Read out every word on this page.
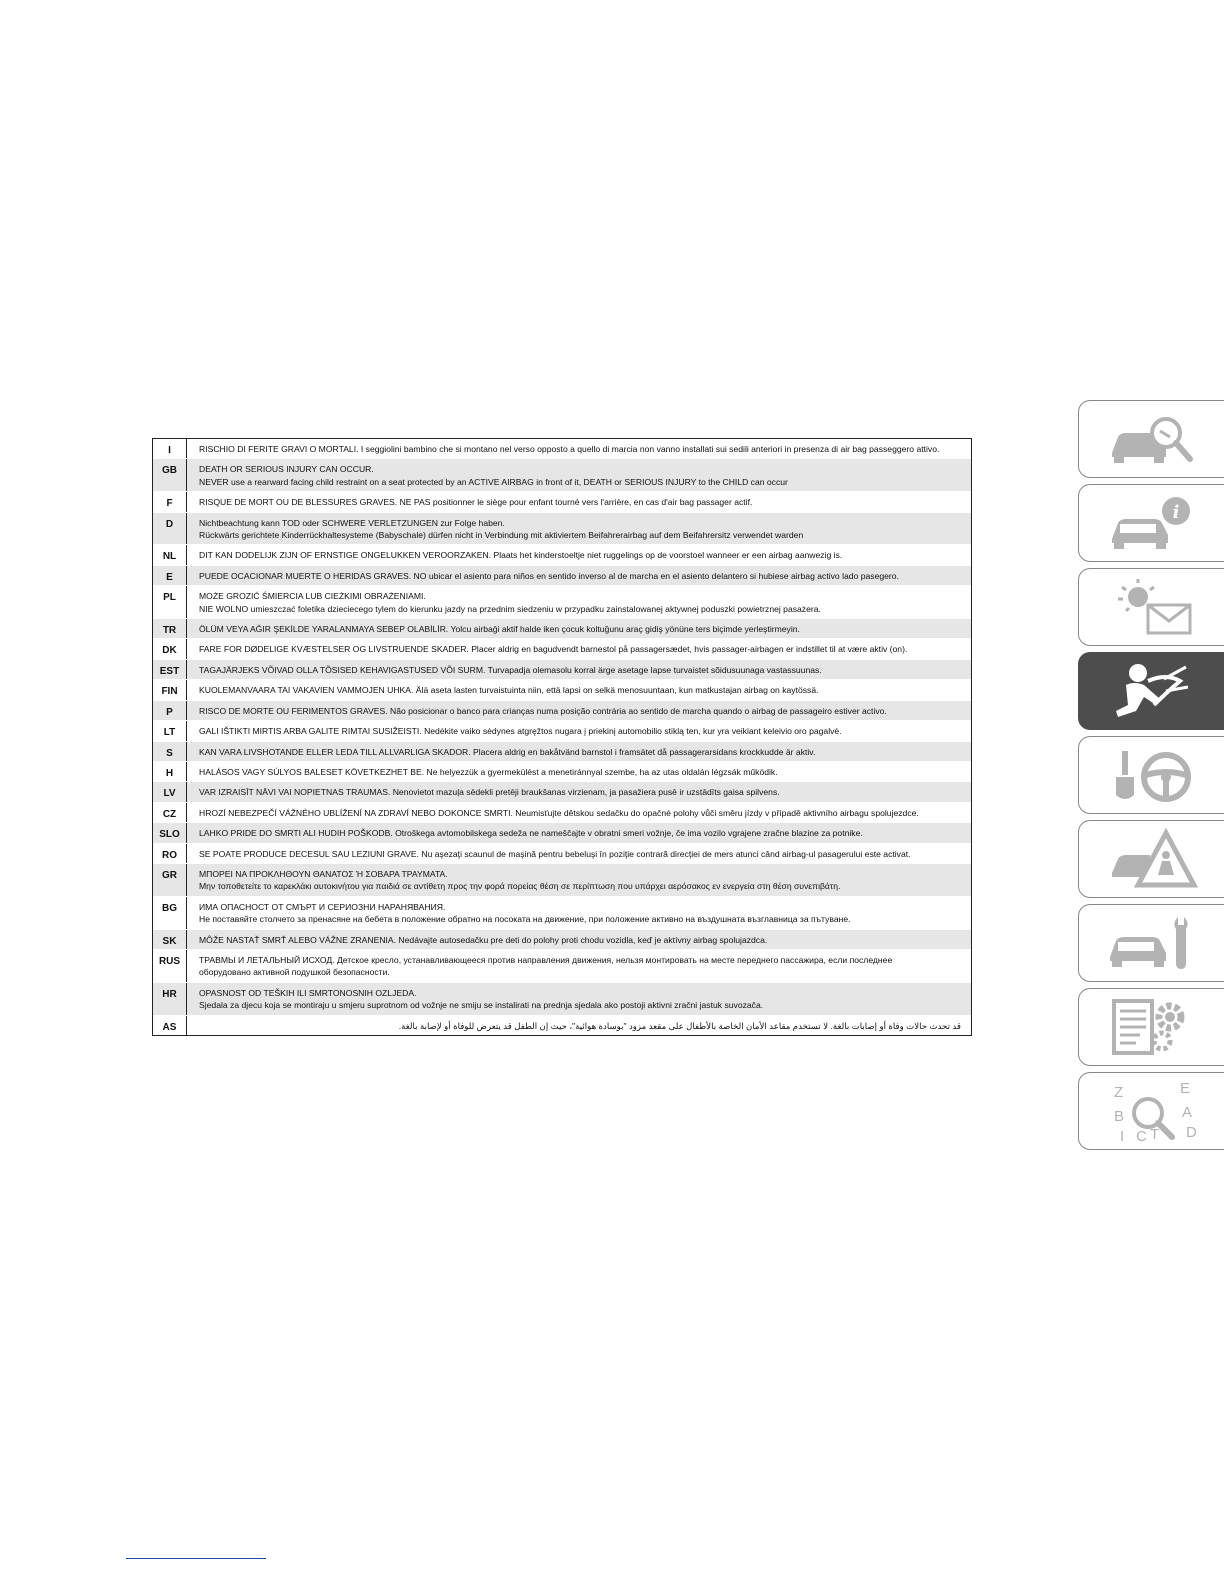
I	RISCHIO DI FERITE GRAVI O MORTALI. I seggiolini bambino che si montano nel verso opposto a quello di marcia non vanno installati sui sedili anteriori in presenza di air bag passeggero attivo.
GB	DEATH OR SERIOUS INJURY CAN OCCUR.
NEVER use a rearward facing child restraint on a seat protected by an ACTIVE AIRBAG in front of it, DEATH or SERIOUS INJURY to the CHILD can occur
F	RISQUE DE MORT OU DE BLESSURES GRAVES. NE PAS positionner le siège pour enfant tourné vers l'arrière, en cas d'air bag passager actif.
D	Nichtbeachtung kann TOD oder SCHWERE VERLETZUNGEN zur Folge haben.
Rückwärts gerichtete Kinderrückhaltesysteme (Babyschale) dürfen nicht in Verbindung mit aktiviertem Beifahrerairbag auf dem Beifahrersitz verwendet warden
NL	DIT KAN DODELIJK ZIJN OF ERNSTIGE ONGELUKKEN VEROORZAKEN. Plaats het kinderstoeltje niet ruggelings op de voorstoel wanneer er een airbag aanwezig is.
E	PUEDE OCACIONAR MUERTE O HERIDAS GRAVES. NO ubicar el asiento para niños en sentido inverso al de marcha en el asiento delantero si hubiese airbag activo lado pasegero.
PL	MOŻE GROZIĆ ŚMIERCIA LUB CIEŻKIMI OBRAŻENIAMI.
NIE WOLNO umieszczać foletika dzieciecego tylem do kierunku jazdy na przednim siedzeniu w przypadku zainstalowanej aktywnej poduszki powietrznej pasażera.
TR	ÖLÜM VEYA AĞIR ŞEKİLDE YARALANMAYA SEBEP OLABİLİR. Yolcu airbaği aktif halde iken çocuk koltuğunu araç gidiş yönüne ters biçimde yerleştirmeyin.
DK	FARE FOR DØDELIGE KVÆSTELSER OG LIVSTRUENDE SKADER. Placer aldrig en bagudvendt barnestol på passagersædet, hvis passager-airbagen er indstillet til at være aktiv (on).
EST	TAGAJÄRJEKS VÕIVAD OLLA TÕSISED KEHAVIGASTUSED VÕI SURM. Turvapadja olemasolu korral ärge asetage lapse turvaistet sõidusuunaga vastassuunas.
FIN	KUOLEMANVAARA TAI VAKAVIEN VAMMOJEN UHKA. Älä aseta lasten turvaistuinta niin, että lapsi on selkä menosuuntaan, kun matkustajan airbag on kaytössä.
P	RISCO DE MORTE OU FERIMENTOS GRAVES. Não posicionar o banco para crianças numa posição contrária ao sentido de marcha quando o airbag de passageiro estiver activo.
LT	GALI IŠTIKTI MIRTIS ARBA GALITE RIMTAI SUSIŽEISTI. Nedėkite vaiko sėdynes atgręžtos nugara į priekinį automobilio stiklą ten, kur yra veikiant keleivio oro pagalvė.
S	KAN VARA LIVSHOTANDE ELLER LEDA TILL ALLVARLIGA SKADOR. Placera aldrig en bakåtvänd barnstol i framsätet då passagerarsidans krockkudde är aktiv.
H	HALÁSOS VAGY SÚLYOS BALESET KÖVETKEZHET BE. Ne helyezzük a gyermekülést a menetiránnyal szembe, ha az utas oldalán légzsák működik.
LV	VAR IZRAISĪT NĀVI VAI NOPIETNAS TRAUMAS. Nenovietot mazuļa sēdekli pretēji braukšanas virzienam, ja pasažiera pusē ir uzstādīts gaisa spilvens.
CZ	HROZÍ NEBEZPEČÍ VÁŽNÉHO UBLÍŽENÍ NA ZDRAVÍ NEBO DOKONCE SMRTI. Neumisťujte dětskou sedačku do opačné polohy vůči směru jízdy v případě aktivního airbagu spolujezdce.
SLO	LAHKO PRIDE DO SMRTI ALI HUDIH POŠKODB. Otroškega avtomobilskega sedeža ne nameščajte v obratni smeri vožnje, če ima vozilo vgrajene zračne blazine za potnike.
RO	SE POATE PRODUCE DECESUL SAU LEZIUNI GRAVE. Nu aşezaţi scaunul de maşină pentru bebeluşi în poziţie contrară direcţiei de mers atunci când airbag-ul pasagerului este activat.
GR	ΜΠΟΡΕΙ ΝΑ ΠΡΟΚΛΗΘΟΥΝ ΘΑΝΑΤΟΣ Ή ΣΟΒΑΡΑ ΤΡΑΥΜΑΤΑ.
Μην τοποθετείτε το καρεκλάκι αυτοκινήτου για παιδιά σε αντίθετη προς την φορά πορείας θέση σε περίπτωση που υπάρχει αερόσακος εν ενεργεία στη θέση συνεπιβάτη.
BG	ИМА ОПАСНОСТ ОТ СМЪРТ И СЕРИОЗНИ НАРАНЯВАНИЯ.
Не поставяйте столчето за пренасяне на бебета в положение обратно на посоката на движение, при положение активно на въздушната възглавница за пътуване.
SK	MÔŽE NASTAŤ SMRŤ ALEBO VÁŽNE ZRANENIA. Nedávajte autosedačku pre deti do polohy proti chodu vozidla, keď je aktívny airbag spolujazdca.
RUS	ТРАВМЫ И ЛЕТАЛЬНЫЙ ИСХОД. Детское кресло, устанавливающееся против направления движения, нельзя монтировать на месте переднего пассажира, если последнее
оборудовано активной подушкой безопасности.
HR	OPASNOST OD TEŠKIH ILI SMRTONOSNIH OZLJEDA.
Sjedala za djecu koja se montiraju u smjeru suprotnom od vožnje ne smiju se instalirati na prednja sjedala ako postoji aktivni zračni jastuk suvozača.
AS	قد تحدث حالات وفاة أو إصابات بالغة. لا تستخدم مقاعد الأمان الخاصة بالأطفال على مقعد مزود "بوسادة هوائية"، حيث إن الطفل قد يتعرض للوفاة أو لإصابة بالغة.
i
Z	E
B	A
I C T D
